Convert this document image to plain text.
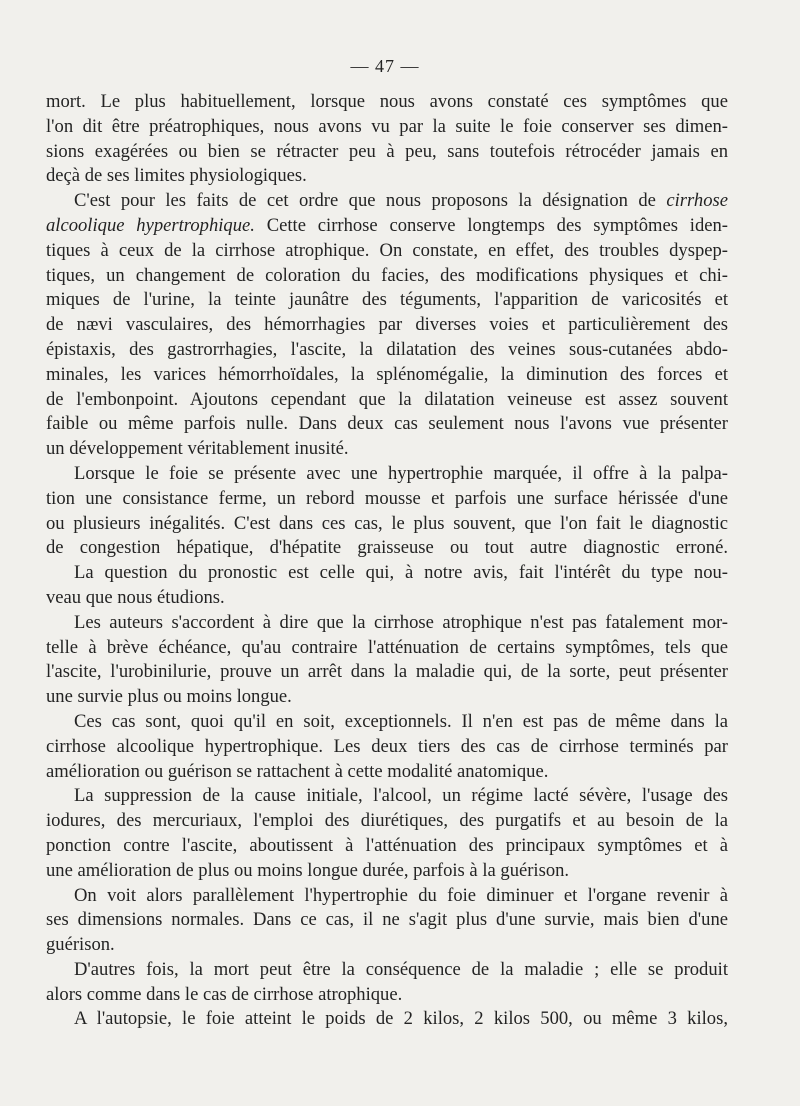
— 47 —

mort. Le plus habituellement, lorsque nous avons constaté ces symptômes que

l'on dit être préatrophiques, nous avons vu par la suite le foie conserver ses dimen-

sions exagérées ou bien se rétracter peu à peu, sans toutefois rétrocéder jamais en

deçà de ses limites physiologiques.

C'est pour les faits de cet ordre que nous proposons la désignation de cirrhose

alcoolique hypertrophique. Cette cirrhose conserve longtemps des symptômes iden-

tiques à ceux de la cirrhose atrophique. On constate, en effet, des troubles dyspep-

tiques, un changement de coloration du facies, des modifications physiques et chi-

miques de l'urine, la teinte jaunâtre des téguments, l'apparition de varicosités et

de nævi vasculaires, des hémorrhagies par diverses voies et particulièrement des

épistaxis, des gastrorrhagies, l'ascite, la dilatation des veines sous-cutanées abdo-

minales, les varices hémorrhoïdales, la splénomégalie, la diminution des forces et

de l'embonpoint. Ajoutons cependant que la dilatation veineuse est assez souvent

faible ou même parfois nulle. Dans deux cas seulement nous l'avons vue présenter

un développement véritablement inusité.

Lorsque le foie se présente avec une hypertrophie marquée, il offre à la palpa-

tion une consistance ferme, un rebord mousse et parfois une surface hérissée d'une

ou plusieurs inégalités. C'est dans ces cas, le plus souvent, que l'on fait le diagnostic

de congestion hépatique, d'hépatite graisseuse ou tout autre diagnostic erroné.

La question du pronostic est celle qui, à notre avis, fait l'intérêt du type nou-

veau que nous étudions.

Les auteurs s'accordent à dire que la cirrhose atrophique n'est pas fatalement mor-

telle à brève échéance, qu'au contraire l'atténuation de certains symptômes, tels que

l'ascite, l'urobinilurie, prouve un arrêt dans la maladie qui, de la sorte, peut présenter

une survie plus ou moins longue.

Ces cas sont, quoi qu'il en soit, exceptionnels. Il n'en est pas de même dans la

cirrhose alcoolique hypertrophique. Les deux tiers des cas de cirrhose terminés par

amélioration ou guérison se rattachent à cette modalité anatomique.

La suppression de la cause initiale, l'alcool, un régime lacté sévère, l'usage des

iodures, des mercuriaux, l'emploi des diurétiques, des purgatifs et au besoin de la

ponction contre l'ascite, aboutissent à l'atténuation des principaux symptômes et à

une amélioration de plus ou moins longue durée, parfois à la guérison.

On voit alors parallèlement l'hypertrophie du foie diminuer et l'organe revenir à

ses dimensions normales. Dans ce cas, il ne s'agit plus d'une survie, mais bien d'une

guérison.

D'autres fois, la mort peut être la conséquence de la maladie ; elle se produit

alors comme dans le cas de cirrhose atrophique.

A l'autopsie, le foie atteint le poids de 2 kilos, 2 kilos 500, ou même 3 kilos,
